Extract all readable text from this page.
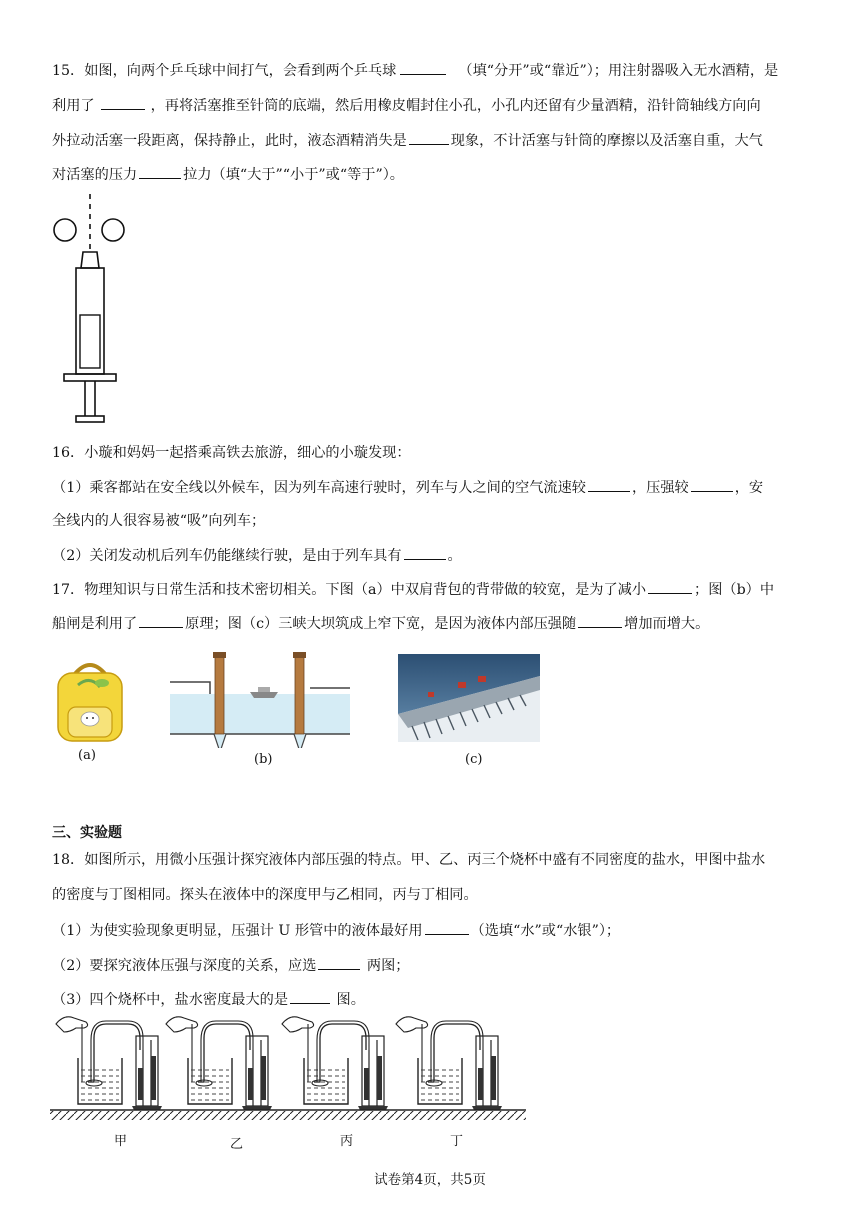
15．如图，向两个乒乓球中间打气，会看到两个乒乓球	（填“分开”或“靠近”）；用注射器吸入无水酒精，是
利用了	，再将活塞推至针筒的底端，然后用橡皮帽封住小孔，小孔内还留有少量酒精，沿针筒轴线方向向
外拉动活塞一段距离，保持静止，此时，液态酒精消失是	现象，不计活塞与针筒的摩擦以及活塞自重，大气
对活塞的压力	拉力（填“大于”“小于”或“等于”）。
16．小璇和妈妈一起搭乘高铁去旅游，细心的小璇发现：
（1）乘客都站在安全线以外候车，因为列车高速行驶时，列车与人之间的空气流速较	，压强较	，安
全线内的人很容易被“吸”向列车；
（2）关闭发动机后列车仍能继续行驶，是由于列车具有	。
17．物理知识与日常生活和技术密切相关。下图（a）中双肩背包的背带做的较宽，是为了减小	；图（b）中
船闸是利用了	原理；图（c）三峡大坝筑成上窄下宽，是因为液体内部压强随	增加而增大。
(a)	(b)	(c)
三、实验题
18．如图所示，用微小压强计探究液体内部压强的特点。甲、乙、丙三个烧杯中盛有不同密度的盐水，甲图中盐水
的密度与丁图相同。探头在液体中的深度甲与乙相同，丙与丁相同。
（1）为使实验现象更明显，压强计 U 形管中的液体最好用	（选填“水”或“水银”）；
（2）要探究液体压强与深度的关系，应选	两图；
（3）四个烧杯中，盐水密度最大的是	图。
甲	乙	丙	丁
试卷第4页，共5页
